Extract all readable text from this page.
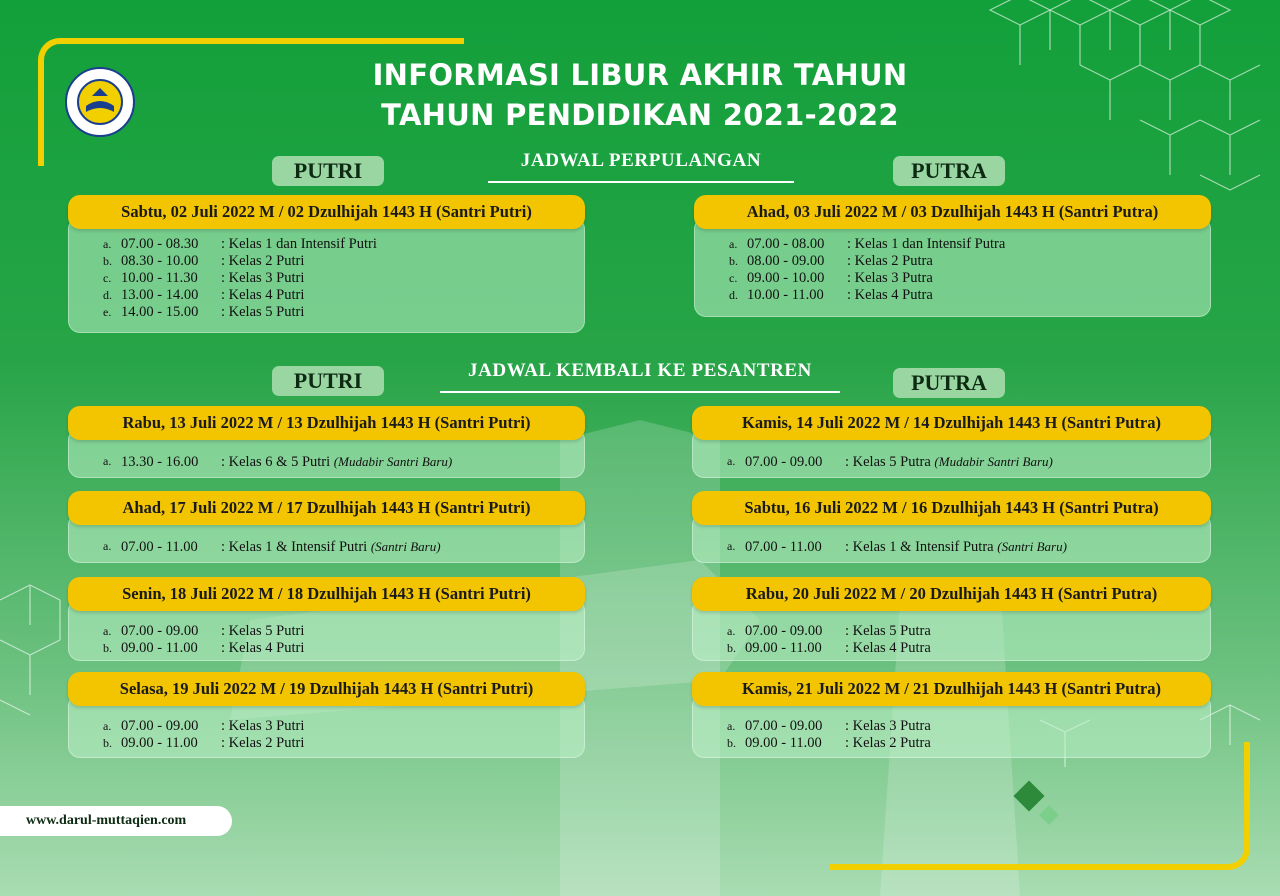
INFORMASI LIBUR AKHIR TAHUN
TAHUN PENDIDIKAN 2021-2022
JADWAL PERPULANGAN
PUTRI	PUTRA
Sabtu, 02 Juli 2022 M / 02 Dzulhijah 1443 H (Santri Putri)
a. 07.00 - 08.30 : Kelas 1 dan Intensif Putri
b. 08.30 - 10.00 : Kelas 2 Putri
c. 10.00 - 11.30 : Kelas 3 Putri
d. 13.00 - 14.00 : Kelas 4 Putri
e. 14.00 - 15.00 : Kelas 5 Putri
Ahad, 03 Juli 2022 M / 03 Dzulhijah 1443 H (Santri Putra)
a. 07.00 - 08.00 : Kelas 1 dan Intensif Putra
b. 08.00 - 09.00 : Kelas 2 Putra
c. 09.00 - 10.00 : Kelas 3 Putra
d. 10.00 - 11.00 : Kelas 4 Putra
JADWAL KEMBALI KE PESANTREN
PUTRI	PUTRA
Rabu, 13 Juli 2022 M / 13 Dzulhijah 1443 H (Santri Putri)
a. 13.30 - 16.00 : Kelas 6 & 5 Putri (Mudabir Santri Baru)
Ahad, 17 Juli 2022 M / 17 Dzulhijah 1443 H (Santri Putri)
a. 07.00 - 11.00 : Kelas 1 & Intensif Putri (Santri Baru)
Senin, 18 Juli 2022 M / 18 Dzulhijah 1443 H (Santri Putri)
a. 07.00 - 09.00 : Kelas 5 Putri
b. 09.00 - 11.00 : Kelas 4 Putri
Selasa, 19 Juli 2022 M / 19 Dzulhijah 1443 H (Santri Putri)
a. 07.00 - 09.00 : Kelas 3 Putri
b. 09.00 - 11.00 : Kelas 2 Putri
Kamis, 14 Juli 2022 M / 14 Dzulhijah 1443 H (Santri Putra)
a. 07.00 - 09.00 : Kelas 5 Putra (Mudabir Santri Baru)
Sabtu, 16 Juli 2022 M / 16 Dzulhijah 1443 H (Santri Putra)
a. 07.00 - 11.00 : Kelas 1 & Intensif Putra (Santri Baru)
Rabu, 20 Juli 2022 M / 20 Dzulhijah 1443 H (Santri Putra)
a. 07.00 - 09.00 : Kelas 5 Putra
b. 09.00 - 11.00 : Kelas 4 Putra
Kamis, 21 Juli 2022 M / 21 Dzulhijah 1443 H (Santri Putra)
a. 07.00 - 09.00 : Kelas 3 Putra
b. 09.00 - 11.00 : Kelas 2 Putra
www.darul-muttaqien.com
